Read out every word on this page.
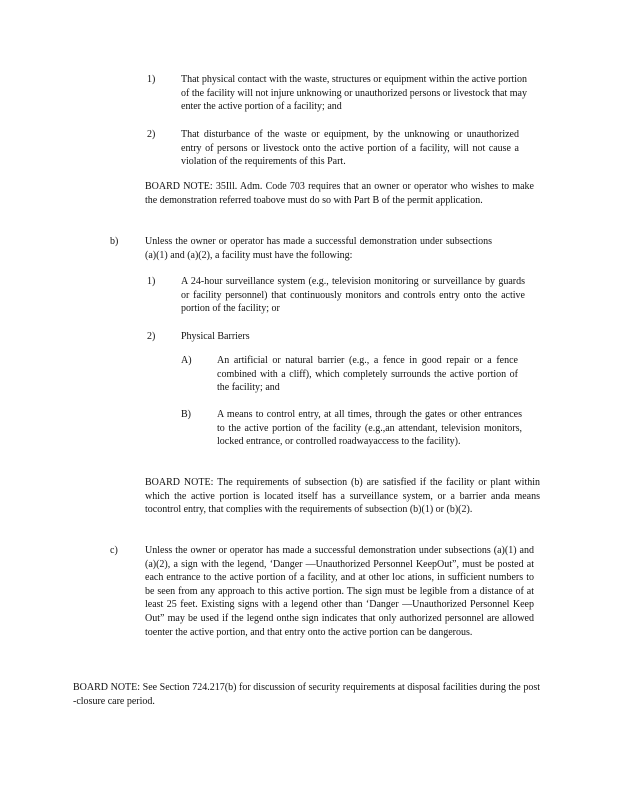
1)	That physical contact with the waste, structures or equipment within the active portion of the facility will not injure unknowing or unauthorized persons or livestock that may enter the active portion of a facility; and
2)	That disturbance of the waste or equipment, by the unknowing or unauthorized entry of persons or livestock onto the active portion of a facility, will not cause a violation of the requirements of this Part.
BOARD NOTE: 35Ill. Adm. Code 703 requires that an owner or operator who wishes to make the demonstration referred toabove must do so with Part B of the permit application.
b)	Unless the owner or operator has made a successful demonstration under subsections (a)(1) and (a)(2), a facility must have the following:
1)	A 24-hour surveillance system (e.g., television monitoring or surveillance by guards or facility personnel) that continuously monitors and controls entry onto the active portion of the facility; or
2)	Physical Barriers
A)	An artificial or natural barrier (e.g., a fence in good repair or a fence combined with a cliff), which completely surrounds the active portion of the facility; and
B)	A means to control entry, at all times, through the gates or other entrances to the active portion of the facility (e.g.,an attendant, television monitors, locked entrance, or controlled roadwayaccess to the facility).
BOARD NOTE: The requirements of subsection (b) are satisfied if the facility or plant within which the active portion is located itself has a surveillance system, or a barrier anda means tocontrol entry, that complies with the requirements of subsection (b)(1) or (b)(2).
c)	Unless the owner or operator has made a successful demonstration under subsections (a)(1) and (a)(2), a sign with the legend, ‘Danger —Unauthorized Personnel KeepOut”, must be posted at each entrance to the active portion of a facility, and at other loc ations, in sufficient numbers to be seen from any approach to this active portion. The sign must be legible from a distance of at least 25 feet. Existing signs with a legend other than ‘Danger —Unauthorized Personnel Keep Out” may be used if the legend onthe sign indicates that only authorized personnel are allowed toenter the active portion, and that entry onto the active portion can be dangerous.
BOARD NOTE: See Section 724.217(b) for discussion of security requirements at disposal facilities during the post -closure care period.
